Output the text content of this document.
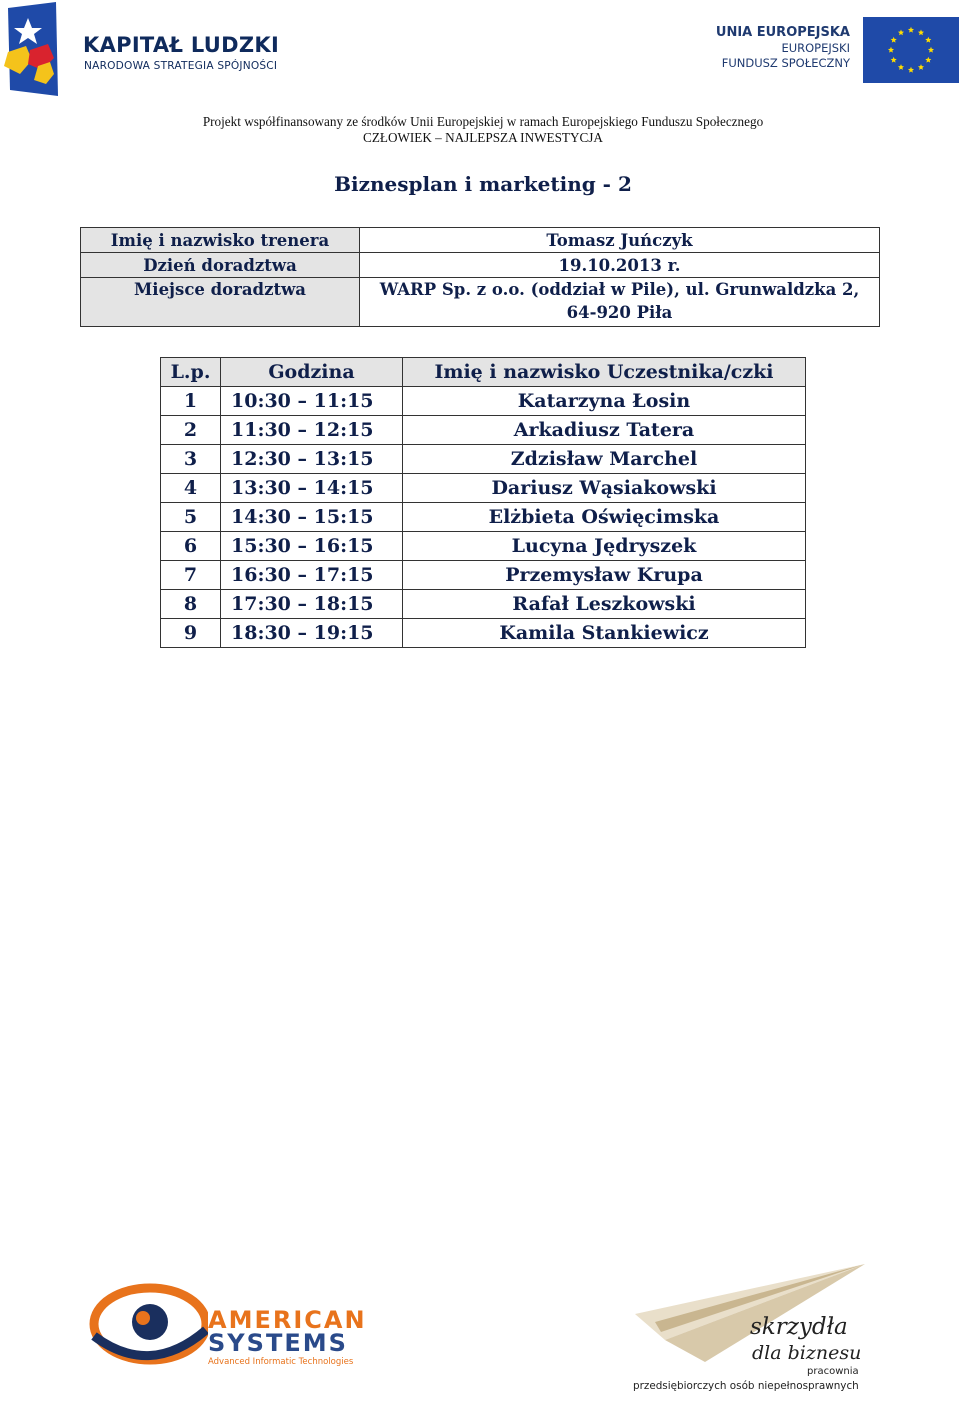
KAPITAŁ LUDZKI
NARODOWA STRATEGIA SPÓJNOŚCI
UNIA EUROPEJSKA
EUROPEJSKI
FUNDUSZ SPOŁECZNY
Projekt współfinansowany ze środków Unii Europejskiej w ramach Europejskiego Funduszu Społecznego
CZŁOWIEK – NAJLEPSZA INWESTYCJA
Biznesplan i marketing - 2
Imię i nazwisko trenera	Tomasz Juńczyk
Dzień doradztwa	19.10.2013 r.
Miejsce doradztwa	WARP Sp. z o.o. (oddział w Pile), ul. Grunwaldzka 2,
64-920 Piła
L.p.	Godzina	Imię i nazwisko Uczestnika/czki
1	10:30 – 11:15	Katarzyna Łosin
2	11:30 – 12:15	Arkadiusz Tatera
3	12:30 – 13:15	Zdzisław Marchel
4	13:30 – 14:15	Dariusz Wąsiakowski
5	14:30 – 15:15	Elżbieta Oświęcimska
6	15:30 – 16:15	Lucyna Jędryszek
7	16:30 – 17:15	Przemysław Krupa
8	17:30 – 18:15	Rafał Leszkowski
9	18:30 – 19:15	Kamila Stankiewicz
AMERICAN
SYSTEMS
Advanced Informatic Technologies
skrzydła
dla biznesu
pracownia
przedsiębiorczych osób niepełnosprawnych
